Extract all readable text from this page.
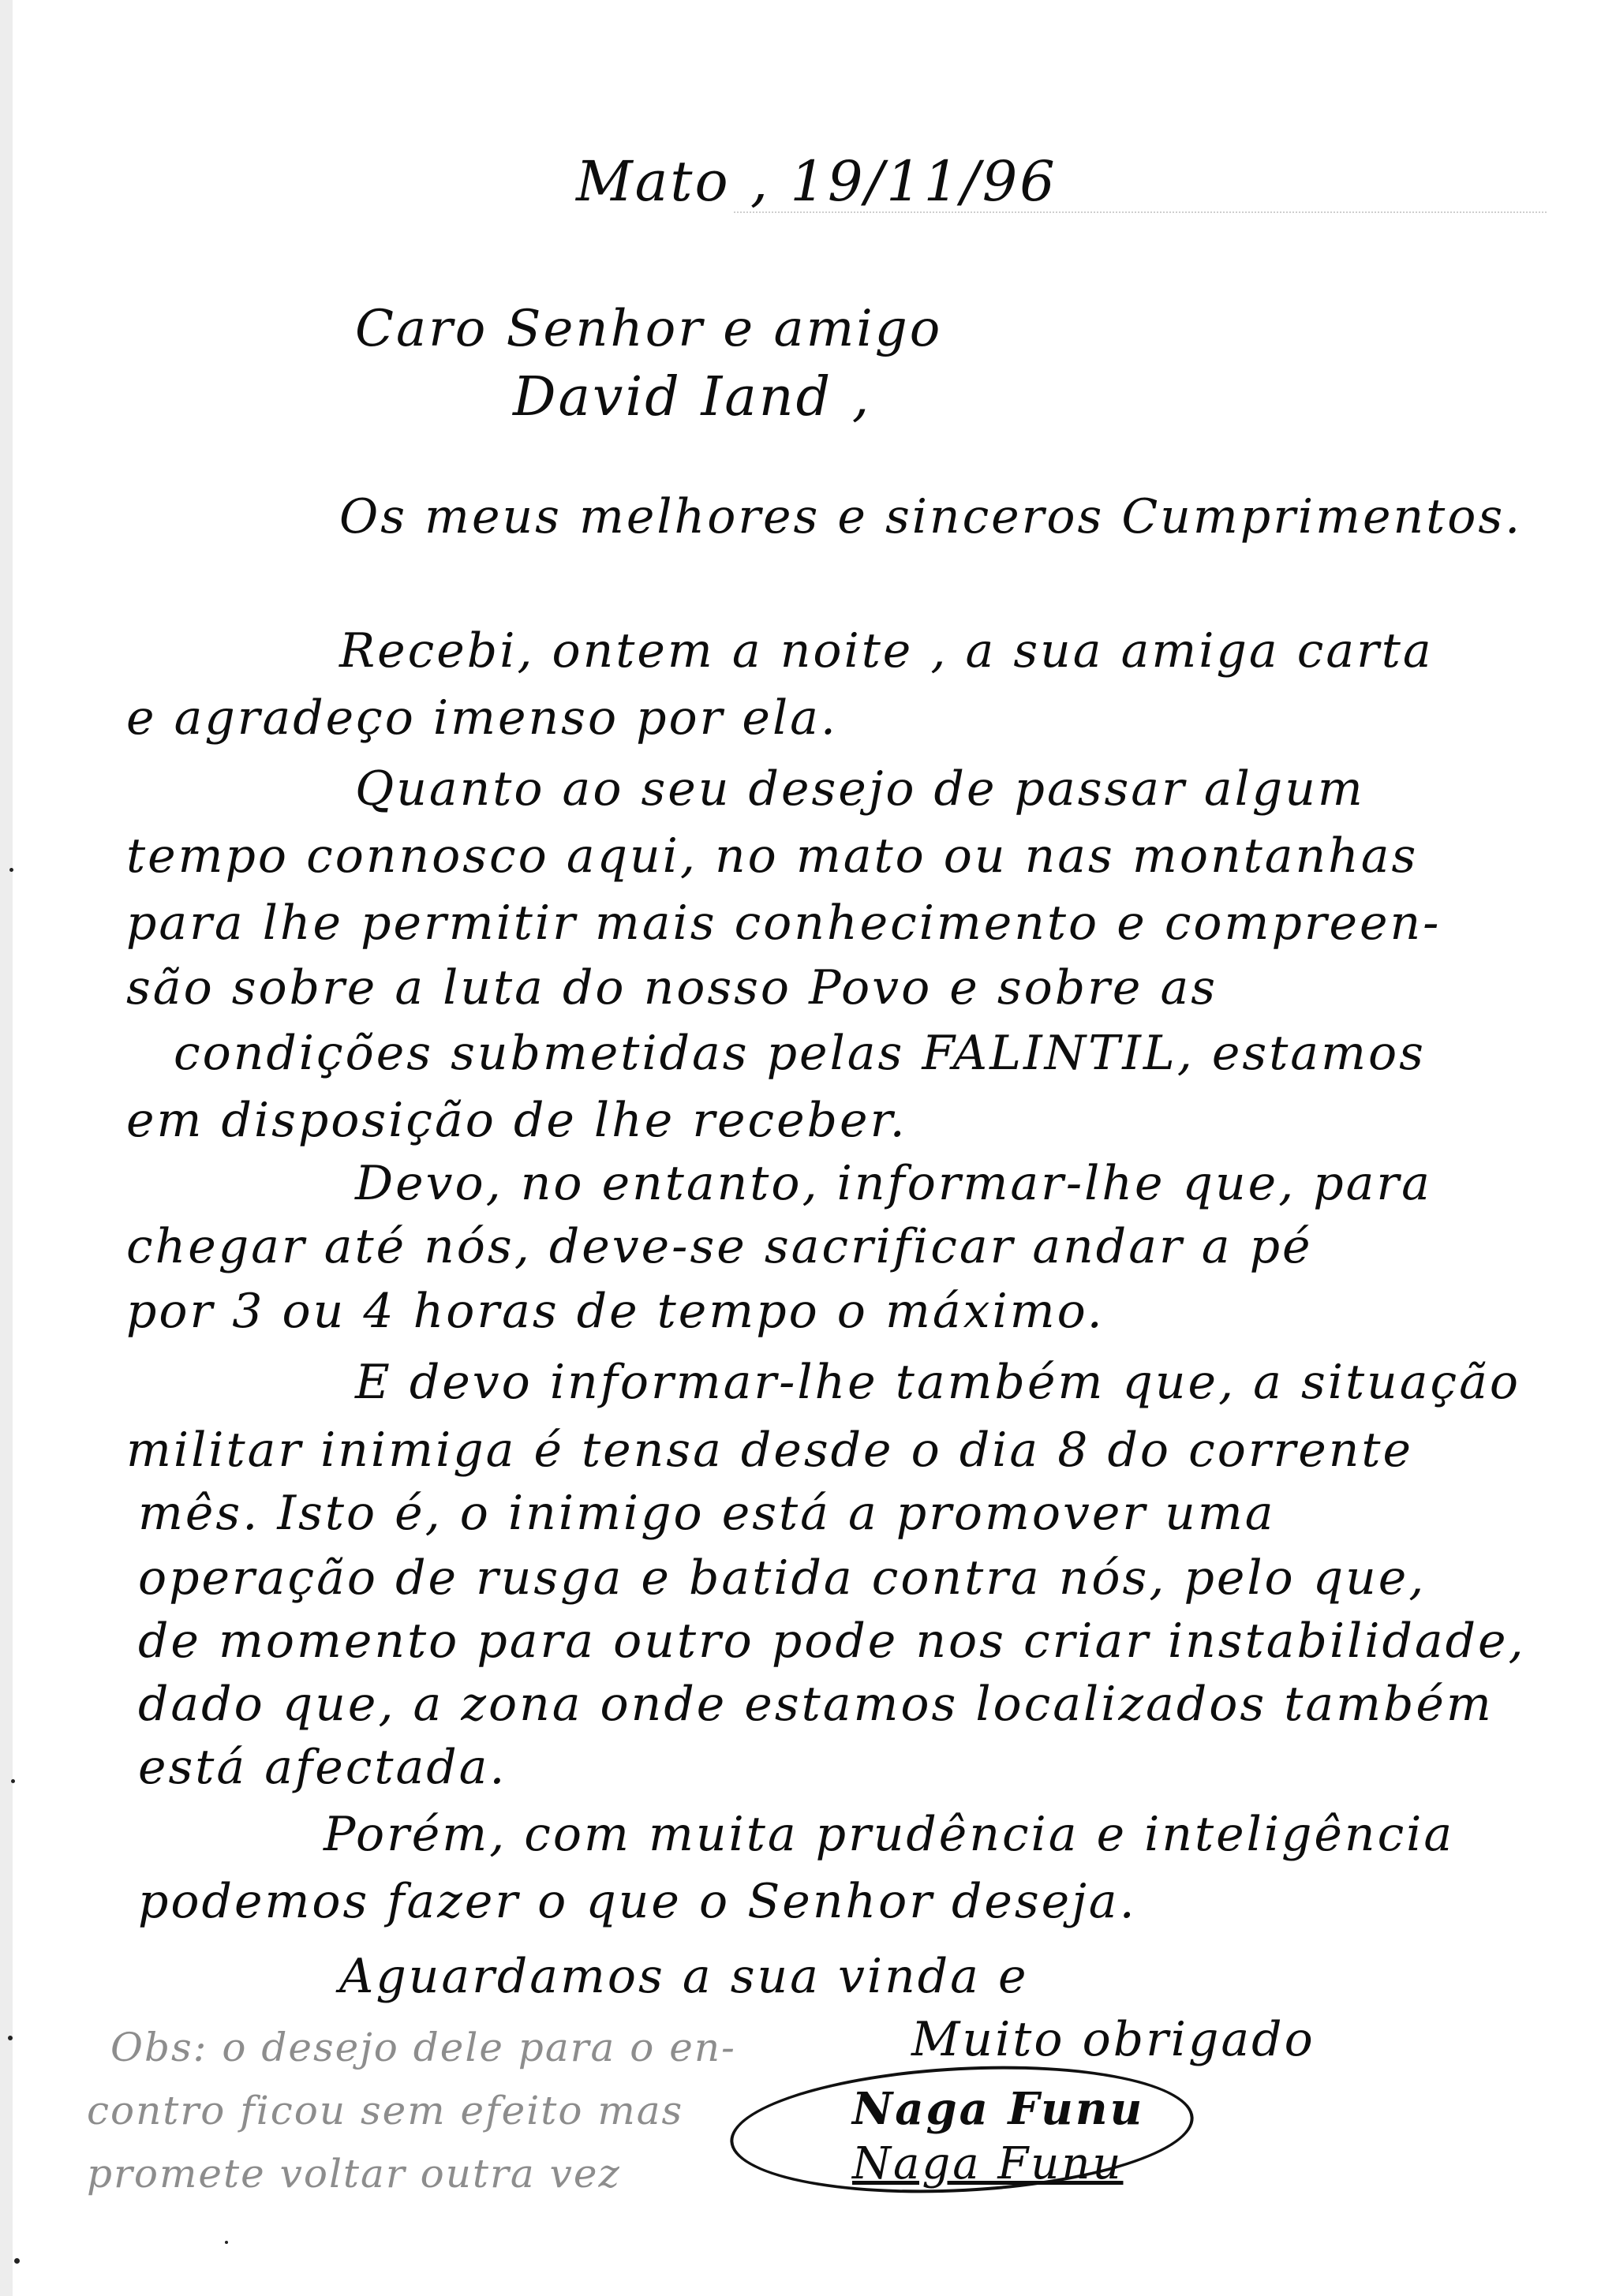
Mato , 19/11/96
Caro Senhor e amigo
David Iand ,
Os meus melhores e sinceros Cumprimentos.
Recebi, ontem a noite , a sua amiga carta
e agradeço imenso por ela.
Quanto ao seu desejo de passar algum
tempo connosco aqui, no mato ou nas montanhas
para lhe permitir mais conhecimento e compreen-
são sobre a luta do nosso Povo e sobre as
condições submetidas pelas FALINTIL, estamos
em disposição de lhe receber.
Devo, no entanto, informar-lhe que, para
chegar até nós, deve-se sacrificar andar a pé
por 3 ou 4 horas de tempo o máximo.
E devo informar-lhe também que, a situação
militar inimiga é tensa desde o dia 8 do corrente
mês. Isto é, o inimigo está a promover uma
operação de rusga e batida contra nós, pelo que,
de momento para outro pode nos criar instabilidade,
dado que, a zona onde estamos localizados também
está afectada.
Porém, com muita prudência e inteligência
podemos fazer o que o Senhor deseja.
Aguardamos a sua vinda e
Muito obrigado
Naga Funu
Naga Funu
Obs: o desejo dele para o en-
contro ficou sem efeito mas
promete voltar outra vez
